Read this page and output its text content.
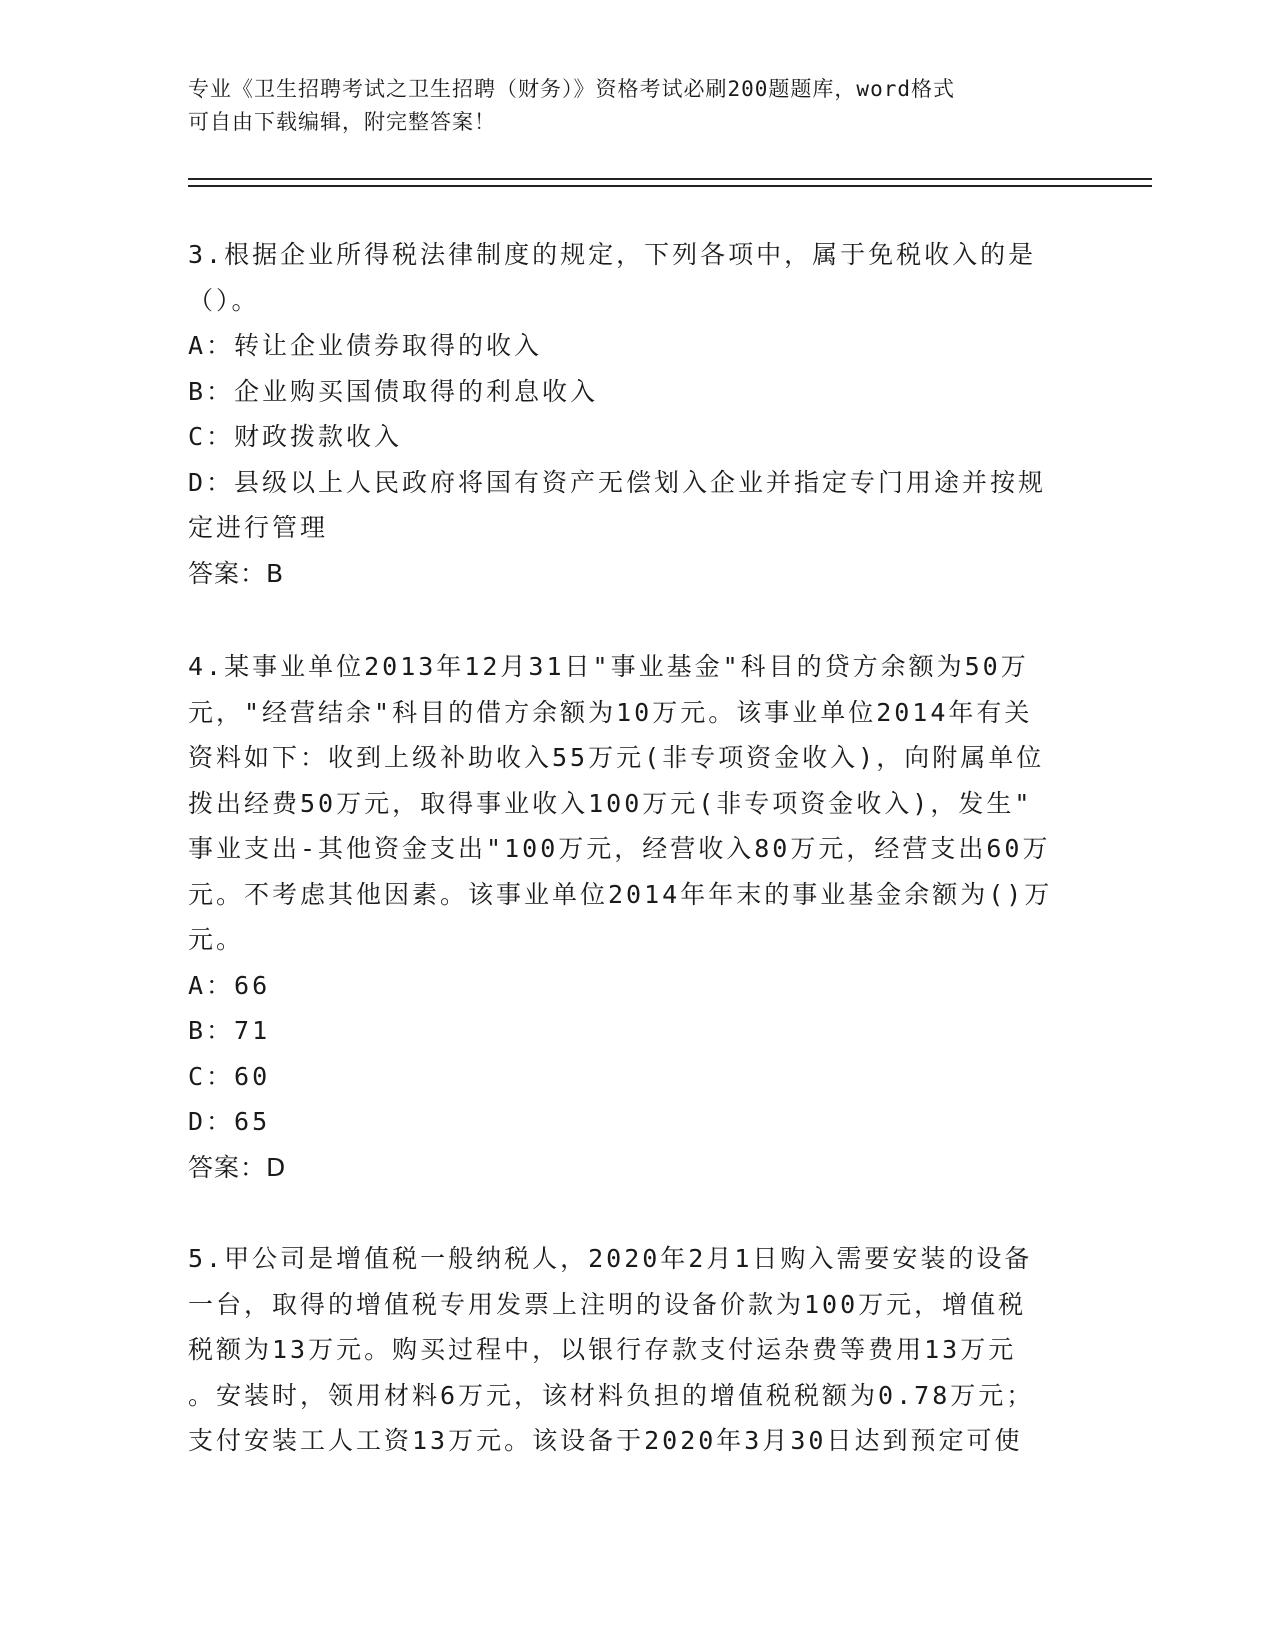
专业《卫生招聘考试之卫生招聘（财务）》资格考试必刷200题题库，word格式
可自由下载编辑，附完整答案！

3.根据企业所得税法律制度的规定，下列各项中，属于免税收入的是

（）。

A：转让企业债券取得的收入

B：企业购买国债取得的利息收入

C：财政拨款收入

D：县级以上人民政府将国有资产无偿划入企业并指定专门用途并按规

定进行管理

答案：B

4.某事业单位2013年12月31日"事业基金"科目的贷方余额为50万

元，"经营结余"科目的借方余额为10万元。该事业单位2014年有关

资料如下：收到上级补助收入55万元(非专项资金收入)，向附属单位

拨出经费50万元，取得事业收入100万元(非专项资金收入)，发生"

事业支出-其他资金支出"100万元，经营收入80万元，经营支出60万

元。不考虑其他因素。该事业单位2014年年末的事业基金余额为()万

元。

A：66

B：71

C：60

D：65

答案：D

5.甲公司是增值税一般纳税人，2020年2月1日购入需要安装的设备

一台，取得的增值税专用发票上注明的设备价款为100万元，增值税

税额为13万元。购买过程中，以银行存款支付运杂费等费用13万元

。安装时，领用材料6万元，该材料负担的增值税税额为0.78万元；

支付安装工人工资13万元。该设备于2020年3月30日达到预定可使
